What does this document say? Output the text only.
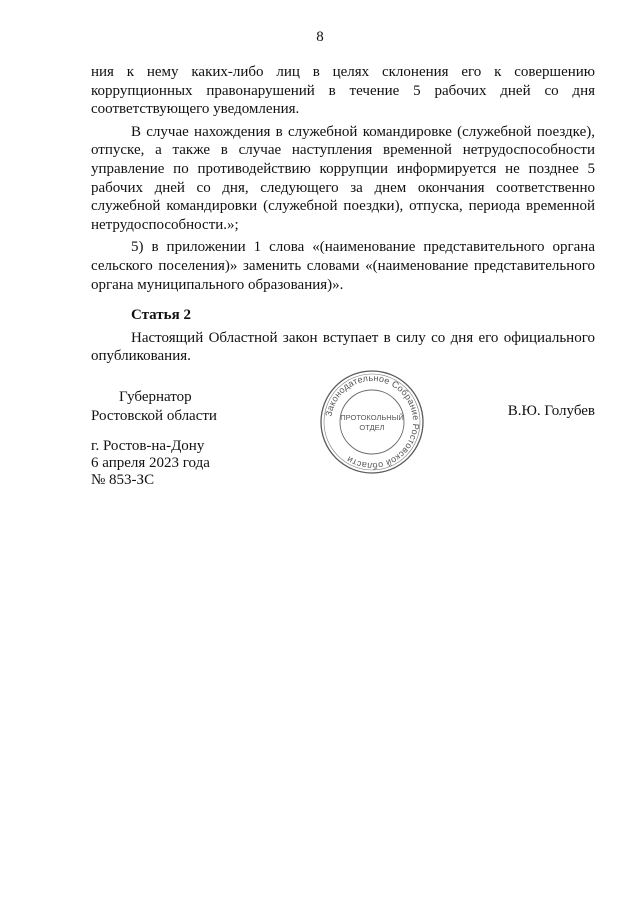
8

ния к нему каких-либо лиц в целях склонения его к совершению коррупционных правонарушений в течение 5 рабочих дней со дня соответствующего уведомления.

В случае нахождения в служебной командировке (служебной поездке), отпуске, а также в случае наступления временной нетрудоспособности управление по противодействию коррупции информируется не позднее 5 рабочих дней со дня, следующего за днем окончания соответственно служебной командировки (служебной поездки), отпуска, периода временной нетрудоспособности.»;

5) в приложении 1 слова «(наименование представительного органа сельского поселения)» заменить словами «(наименование представительного органа муниципального образования)».

Статья 2

Настоящий Областной закон вступает в силу со дня его официального опубликования.

Губернатор
Ростовской области	В.Ю. Голубев
г. Ростов-на-Дону
6 апреля 2023 года
№ 853-ЗС
Законодательное Собрание Ростовской области
ПРОТОКОЛЬНЫЙ
ОТДЕЛ
